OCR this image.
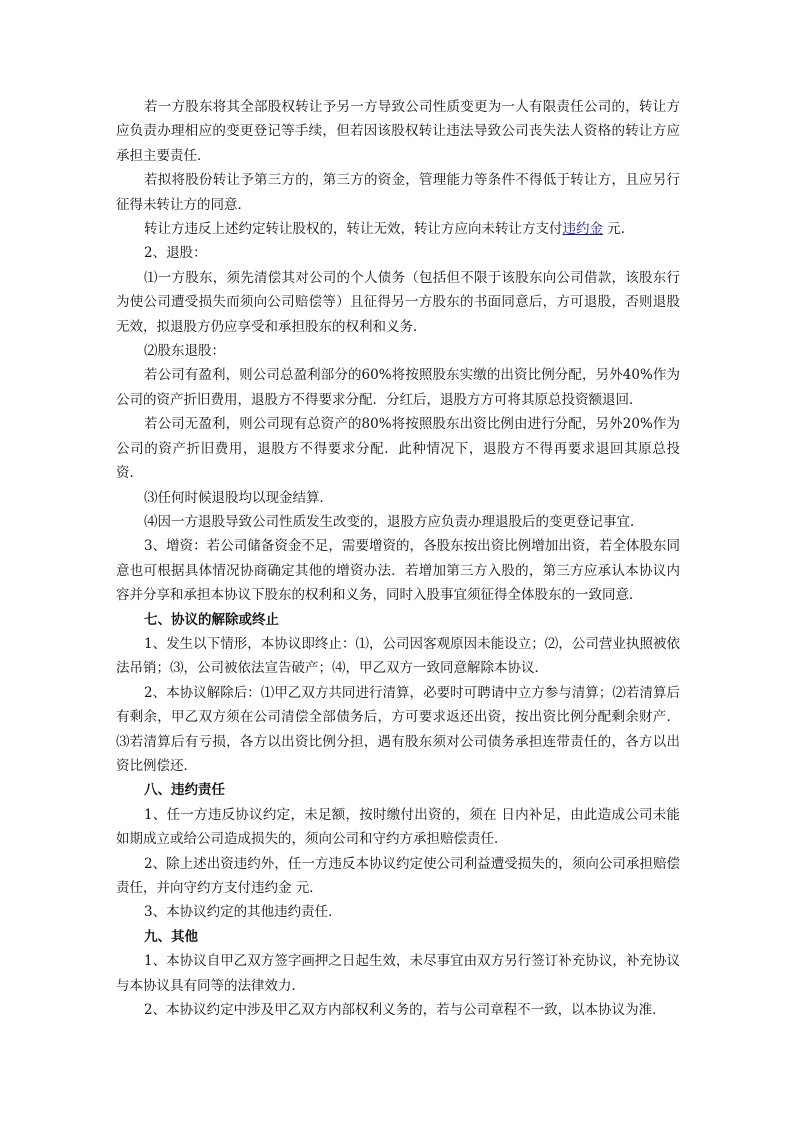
若一方股东将其全部股权转让予另一方导致公司性质变更为一人有限责任公司的，转让方应负责办理相应的变更登记等手续，但若因该股权转让违法导致公司丧失法人资格的转让方应承担主要责任．

若拟将股份转让予第三方的，第三方的资金，管理能力等条件不得低于转让方，且应另行征得未转让方的同意．

转让方违反上述约定转让股权的，转让无效，转让方应向未转让方支付违约金 元．

2、退股：

⑴一方股东，须先清偿其对公司的个人债务（包括但不限于该股东向公司借款，该股东行为使公司遭受损失而须向公司赔偿等）且征得另一方股东的书面同意后，方可退股，否则退股无效，拟退股方仍应享受和承担股东的权利和义务．

⑵股东退股：

若公司有盈利，则公司总盈利部分的60%将按照股东实缴的出资比例分配，另外40%作为公司的资产折旧费用，退股方不得要求分配．分红后，退股方方可将其原总投资额退回．

若公司无盈利，则公司现有总资产的80%将按照股东出资比例由进行分配，另外20%作为公司的资产折旧费用，退股方不得要求分配．此种情况下，退股方不得再要求退回其原总投资．

⑶任何时候退股均以现金结算．

⑷因一方退股导致公司性质发生改变的，退股方应负责办理退股后的变更登记事宜．

3、增资：若公司储备资金不足，需要增资的，各股东按出资比例增加出资，若全体股东同意也可根据具体情况协商确定其他的增资办法．若增加第三方入股的，第三方应承认本协议内容并分享和承担本协议下股东的权利和义务，同时入股事宜须征得全体股东的一致同意．

七、协议的解除或终止

1、发生以下情形，本协议即终止：⑴，公司因客观原因未能设立；⑵，公司营业执照被依法吊销；⑶，公司被依法宣告破产；⑷，甲乙双方一致同意解除本协议．

2、本协议解除后：⑴甲乙双方共同进行清算，必要时可聘请中立方参与清算；⑵若清算后有剩余，甲乙双方须在公司清偿全部债务后，方可要求返还出资，按出资比例分配剩余财产．⑶若清算后有亏损，各方以出资比例分担，遇有股东须对公司债务承担连带责任的，各方以出资比例偿还．

八、违约责任

1、任一方违反协议约定，未足额，按时缴付出资的，须在 日内补足，由此造成公司未能如期成立或给公司造成损失的，须向公司和守约方承担赔偿责任．

2、除上述出资违约外，任一方违反本协议约定使公司利益遭受损失的，须向公司承担赔偿责任，并向守约方支付违约金 元．

3、本协议约定的其他违约责任．

九、其他

1、本协议自甲乙双方签字画押之日起生效，未尽事宜由双方另行签订补充协议，补充协议与本协议具有同等的法律效力．

2、本协议约定中涉及甲乙双方内部权利义务的，若与公司章程不一致，以本协议为准．
